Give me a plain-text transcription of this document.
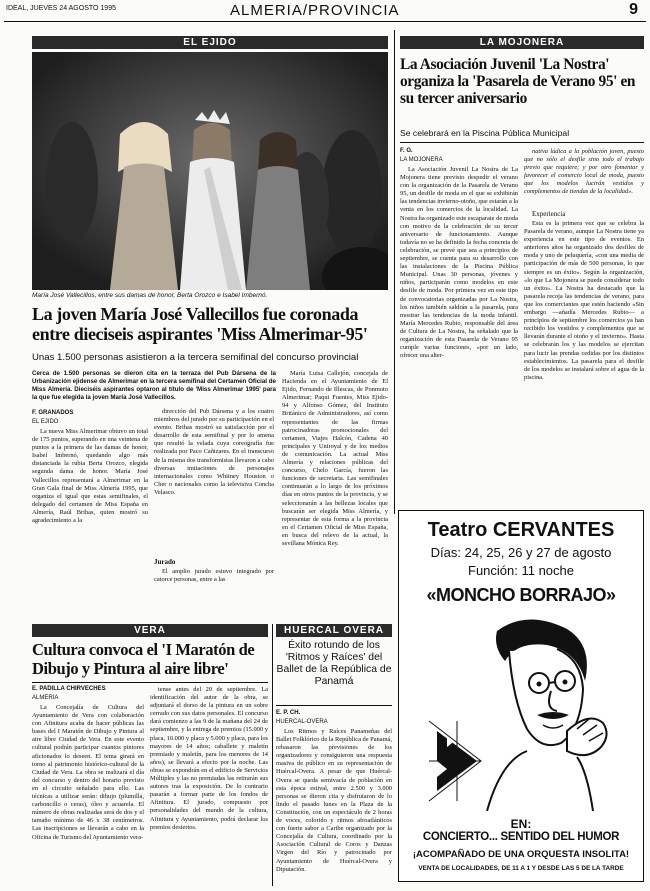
IDEAL, JUEVES 24 AGOSTO 1995	ALMERIA/PROVINCIA	9
EL EJIDO
María José Vallecillos, entre sus damas de honor, Berta Orozco e Isabel Imbernó.
La joven María José Vallecillos fue coronada entre dieciseis aspirantes 'Miss Almerimar-95'
Unas 1.500 personas asistieron a la tercera semifinal del concurso provincial
Cerca de 1.500 personas se dieron cita en la terraza del Pub Dársena de la Urbanización ejidense de Almerimar en la tercera semifinal del Certamen Oficial de Miss Almería. Dieciséis aspirantes optaron al título de 'Miss Almerimar 1995' para la que fue elegida la joven María José Vallecillos.
F. GRANADOS
EL EJIDO

La nueva Miss Almerimar obtuvo un total de 175 puntos, superando en una veintena de puntos a la primera de las damas de honor, Isabel Imbernó, quedando algo más distanciada la rubia Berta Orozco, elegida segunda dama de honor. María José Vallecillos representará a Almerimar en la Gran Gala final de Miss Almería 1995, que organiza el igual que estas semifinales, el delegado del certamen de Miss España en Almería, Raúl Brihas, quien mostró su agradecimiento a la

dirección del Pub Dársena y a los cuatro miembros del jurado por su participación en el evento. Brihas mostró su satisfacción por el desarrollo de esta semifinal y por lo amena que resultó la velada cuya coreografía fue realizada por Paco Cañizares. En el transcurso de la misma dos transformistas llevaron a cabo diversas imitaciones de personajes internacionales como Whitney Houston o Cher o nacionales como la televisiva Concha Velasco.

Jurado

El amplio jurado estuvo integrado por catorce personas, entre a las

María Luisa Callejón, concejala de Hacienda en el Ayuntamiento de El Ejido, Fernando de Illescas, de Ponmoto Almerimar; Paqui Fuentes, Miss Ejido-94 y Alfonso Gómez, del Instituto Británico de Administradores, así como representantes de las firmas patrocinadoras promocionales del certamen, Viajes Halcón, Cadena 40 principales y Uniroyal y de los medios de comunicación. La actual Miss Almería y relaciones públicas del concurso, Chelo García, fueron las funciones de secretaria. Las semifinales continuarán a lo largo de los próximos días en otros puntos de la provincia, y se seleccionarán a las bellezas locales que buscarán ser elegida Miss Almería, y representar de esta forma a la provincia en el Certamen Oficial de Miss España, en busca del relevo de la actual, la sevillana Mónica Rey.

LA MOJONERA
La Asociación Juvenil 'La Nostra' organiza la 'Pasarela de Verano 95' en su tercer aniversario
Se celebrará en la Piscina Pública Municipal
F. G.
LA MOJONERA

La Asociación Juvenil La Nostra de La Mojonera tiene previsto despedir el verano con la organización de la Pasarela de Verano 95, un desfile de moda en el que se exhibirán las tendencias invierno-otoño, que estarán a la venta en los comercios de la localidad. La Nostra ha organizado este escaparate de moda con motivo de la celebración de su tercer aniversario de funcionamiento. Aunque todavía no se ha definido la fecha concreta de celebración, se prevé que sea a principios de septiembre, se cuenta para su desarrollo con las instalaciones de la Piscina Pública Municipal. Unas 30 personas, jóvenes y niños, participarán como modelos en este desfile de moda. Por primera vez en este tipo de convocatorias organizadas por La Nostra, los niños también saldrán a la pasarela, para mostrar las tendencias de la moda infantil. María Mercedes Rubio, responsable del área de Cultura de La Nostra, ha señalado que la organización de esta Pasarela de Verano 95 cumple varias funciones, «por un lado, ofrecer una alter-

nativa lúdica a la población joven, puesto que no sólo el desfile sino todo el trabajo previo que requiere; y por otro fomentar y favorecer el comercio local de moda, puesto que los modelos lucirán vestidos y complementos de tiendas de la localidad».

Experiencia

Esta es la primera vez que se celebra la Pasarela de verano, aunque La Nostra tiene ya experiencia en este tipo de eventos. En anteriores años ha organizado dos desfiles de moda y uno de peluquería, «con una media de participación de más de 500 personas, lo que siempre es un éxito». Según la organización, «lo que La Mojonera se puede considerar todo un éxito». La Nostra ha destacado que la pasarela recoja las tendencias de verano, para que los comerciantes que estén haciendo «Sin embargo —añadía Mercedes Rubio— a principios de septiembre los comercios ya han recibido los vestidos y complementos que se llevarán durante el otoño y el invierno». Hasta se celebrarán los y las modelos se ejercitan para lucir las prendas cedidas por los distintos establecimientos. La pasarela para el desfile de los modelos se instalará sobre el agua de la piscina.

VERA
Cultura convoca el 'I Maratón de Dibujo y Pintura al aire libre'
E. PADILLA CHIRVECHES
ALMERIA

La Concejalía de Cultura del Ayuntamiento de Vera con colaboración con Afinitura acaba de hacer públicas las bases del I Maratón de Dibujo y Pintura al aire libre Ciudad de Vera. En este evento cultural podrán participar cuantos pintores aficionados lo deseen. El tema girará en torno al patrimonio histórico-cultural de la Ciudad de Vera. La obra se realizará el día del concurso y dentro del horario previsto en el circuito señalado para ello. Las técnicas a utilizar serán: dibujo (plumilla, carboncillo o ceras), óleo y acuarela. El número de obras realizadas será de dos y el tamaño mínimo de 46 x 38 centímetros. Las inscripciones se llevarán a cabo en la Oficina de Turismo del Ayuntamiento vera-

tense antes del 20 de septiembre. La identificación del autor de la obra, se adjuntará el dorso de la pintura en un sobre cerrado con sus datos personales. El concurso dará comienzo a las 9 de la mañana del 24 de septiembre, y la entrega de premios (15.000 y placa, 10.000 y placa y 5.000 y placa, para los mayores de 14 años; caballete y maletín premiado y maletín, para los menores de 14 años), se llevará a efecto por la noche. Las obras se expondrán en el edificio de Servicios Múltiples y las no premiadas las retirarán sus autores tras la exposición. De lo contrario pasarán a formar parte de los fondos de Afinitura. El jurado, compuesto por personalidades del mundo de la cultura, Afinitura y Ayuntamiento, podrá declarar los premios desiertos.

HUERCAL OVERA
Éxito rotundo de los 'Ritmos y Raíces' del Ballet de la República de Panamá
E. P. CH.
HUERCAL-OVERA

Los Ritmos y Raíces Panameñas del Ballet Folklórico de la República de Panamá, rebasaron las previsiones de los organizadores y consiguieron una respuesta masiva de público en su representación de Huércal-Overa. A pesar de que Huércal-Overa se queda semivacía de población en esta época estival, entre 2.500 y 3.000 personas se dieron cita y disfrutaron de lo lindo el pasado lunes en la Plaza de la Constitución, con un espectáculo de 2 horas de voces, colorido y ritmos afroatlánticos con fuerte sabor a Caribe organizado por la Concejalía de Cultura, coordinado por la Asociación Cultural de Coros y Danzas Virgen del Río y patrocinado por Ayuntamiento de Huércal-Overa y Diputación.

Teatro CERVANTES
Días: 24, 25, 26 y 27 de agosto
Función: 11 noche
«MONCHO BORRAJO»
EN:
CONCIERTO... SENTIDO DEL HUMOR
¡ACOMPAÑADO DE UNA ORQUESTA INSOLITA!
VENTA DE LOCALIDADES, DE 11 A 1 Y DESDE LAS 5 DE LA TARDE
